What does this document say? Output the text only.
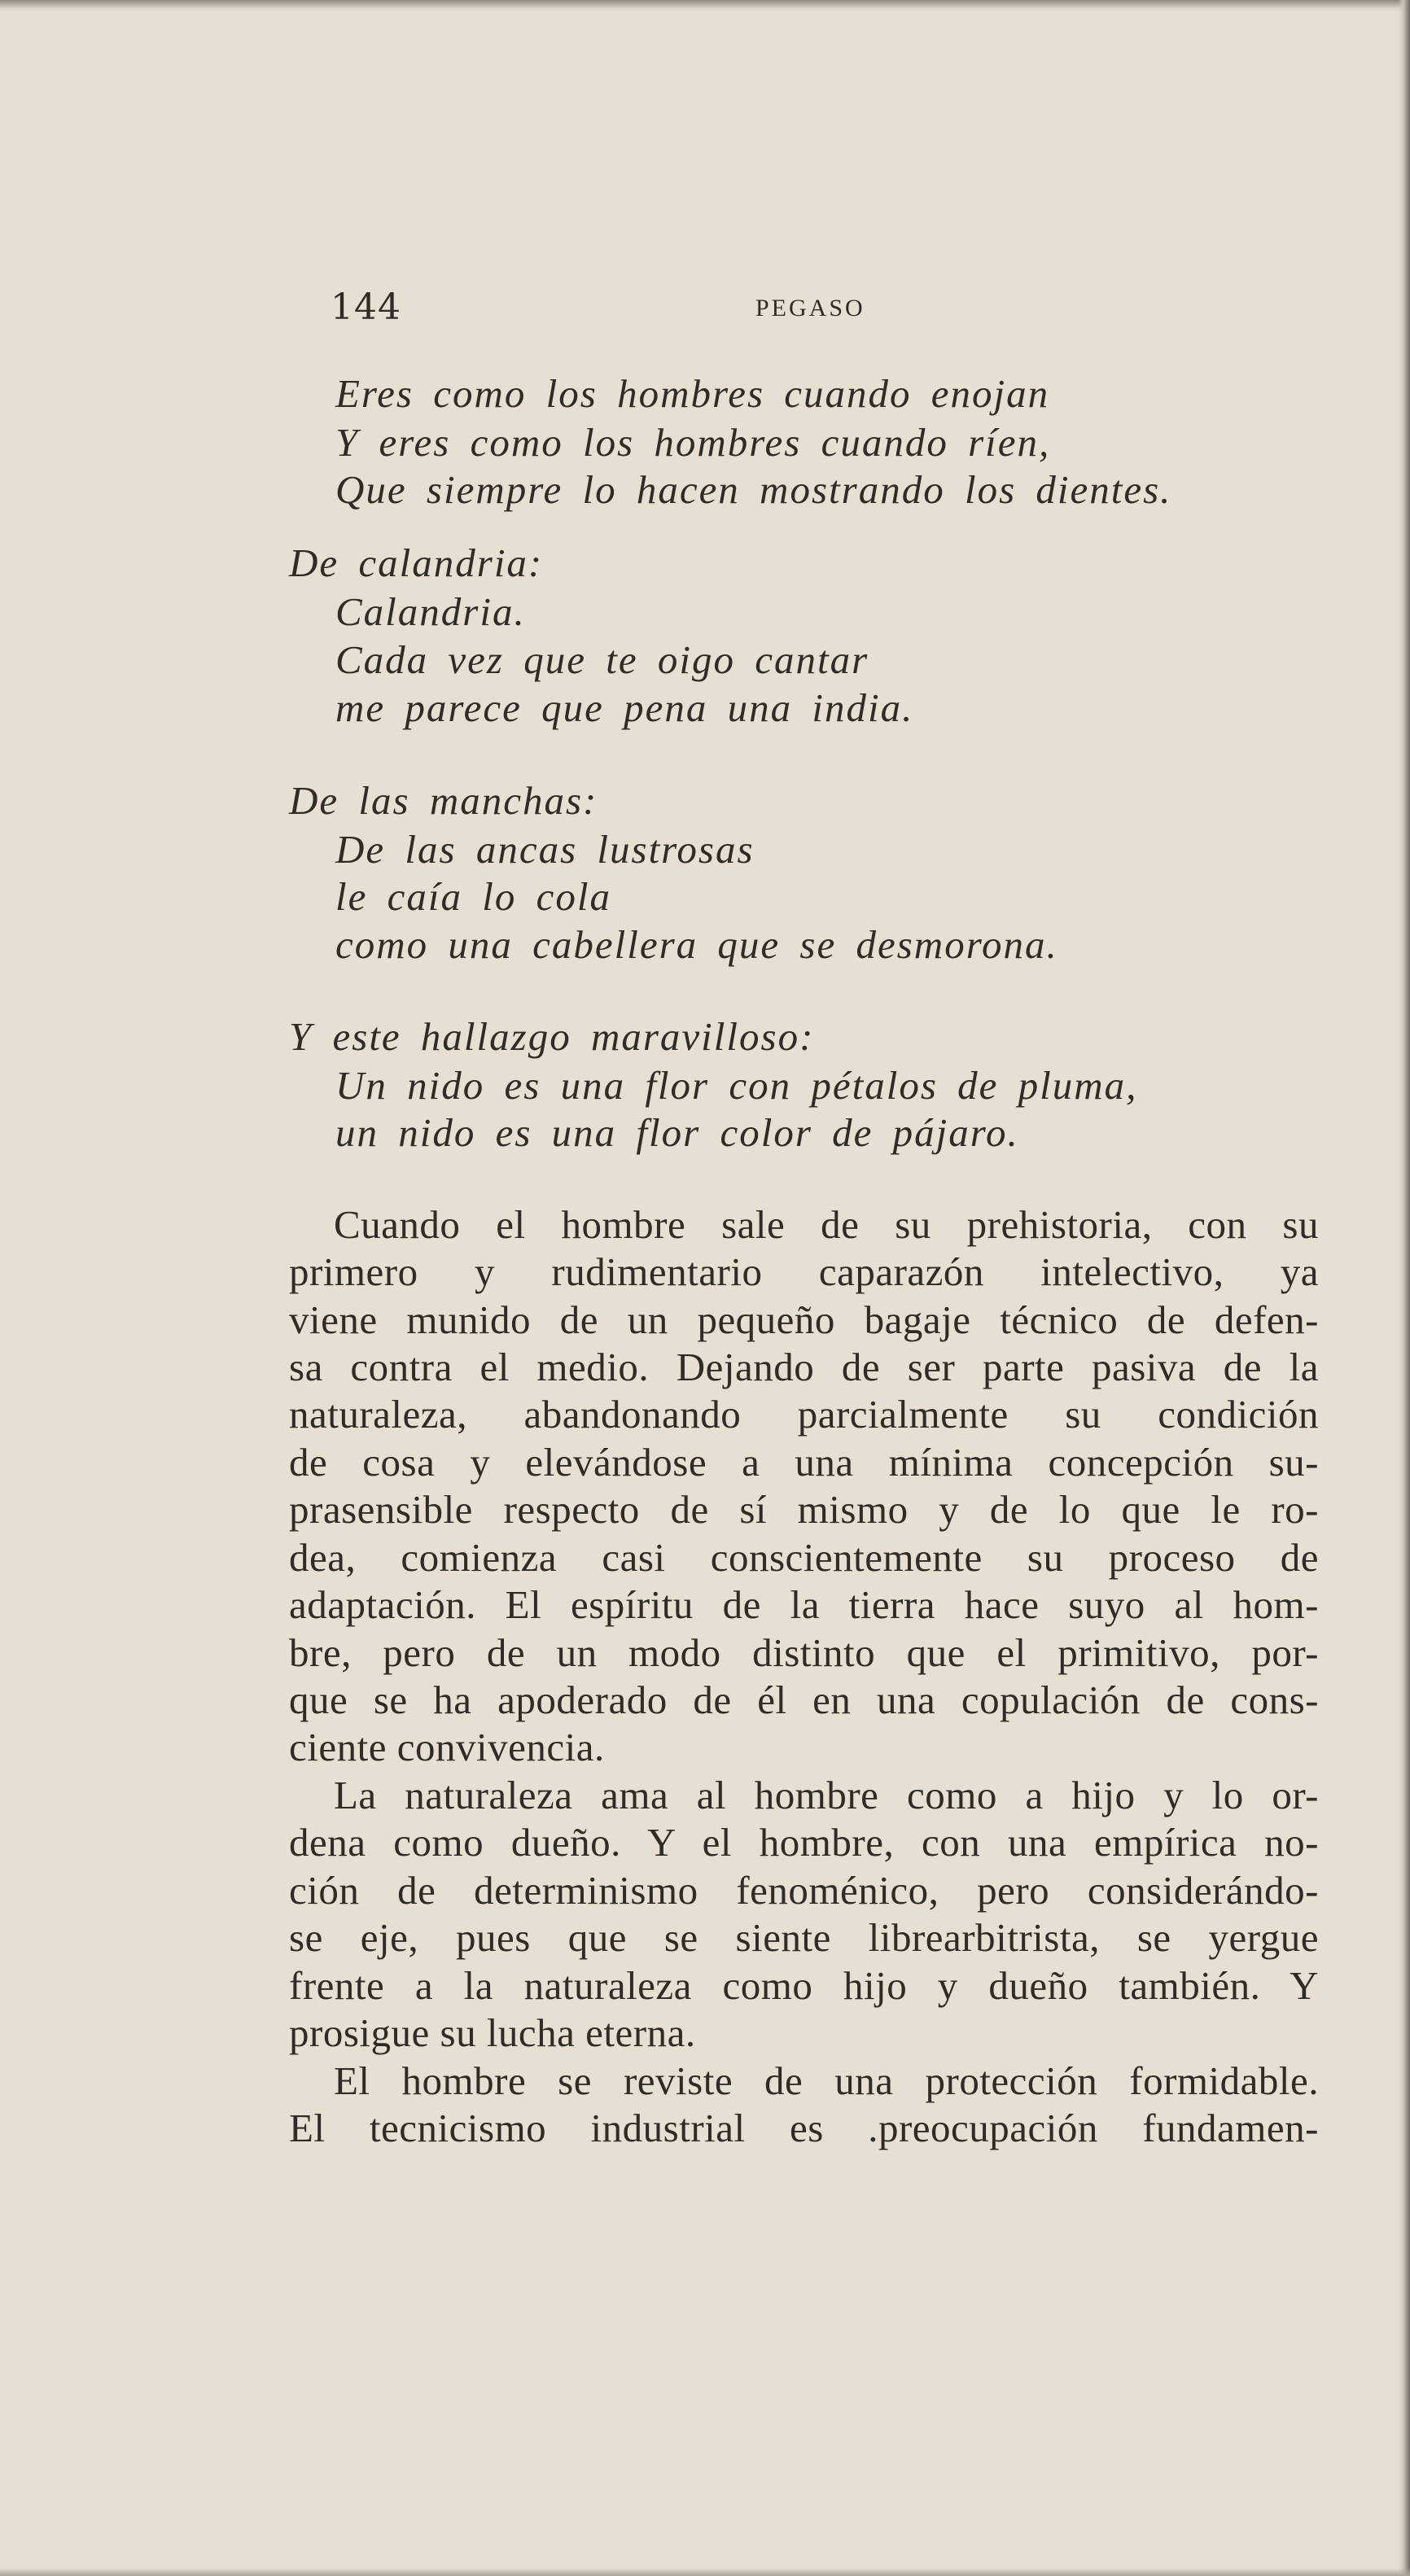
144	PEGASO
Eres como los hombres cuando enojan
Y eres como los hombres cuando ríen,
Que siempre lo hacen mostrando los dientes.
De calandria:
Calandria.
Cada vez que te oigo cantar
me parece que pena una india.
De las manchas:
De las ancas lustrosas
le caía lo cola
como una cabellera que se desmorona.
Y este hallazgo maravilloso:
Un nido es una flor con pétalos de pluma,
un nido es una flor color de pájaro.
Cuando el hombre sale de su prehistoria, con su
primero y rudimentario caparazón intelectivo, ya
viene munido de un pequeño bagaje técnico de defen-
sa contra el medio. Dejando de ser parte pasiva de la
naturaleza, abandonando parcialmente su condición
de cosa y elevándose a una mínima concepción su-
prasensible respecto de sí mismo y de lo que le ro-
dea, comienza casi conscientemente su proceso de
adaptación. El espíritu de la tierra hace suyo al hom-
bre, pero de un modo distinto que el primitivo, por-
que se ha apoderado de él en una copulación de cons-
ciente convivencia.
La naturaleza ama al hombre como a hijo y lo or-
dena como dueño. Y el hombre, con una empírica no-
ción de determinismo fenoménico, pero considerándo-
se eje, pues que se siente librearbitrista, se yergue
frente a la naturaleza como hijo y dueño también. Y
prosigue su lucha eterna.
El hombre se reviste de una protección formidable.
El tecnicismo industrial es .preocupación fundamen-
